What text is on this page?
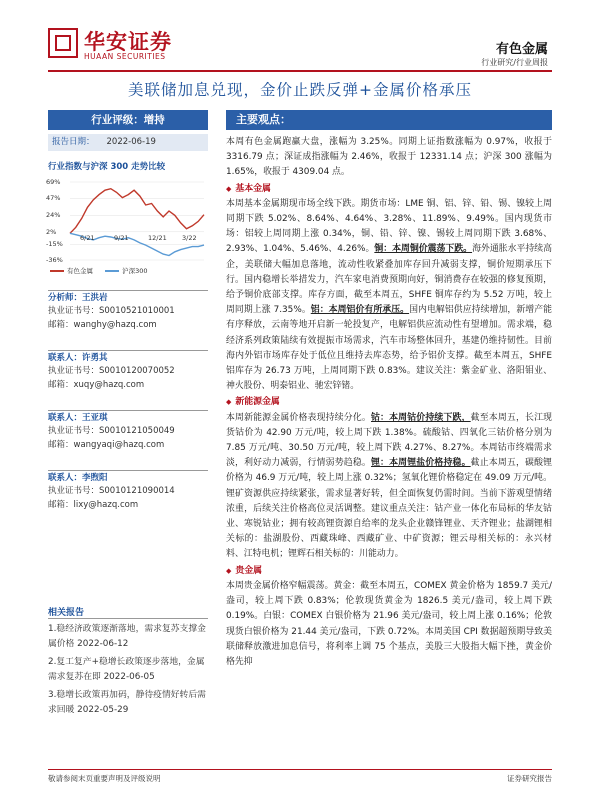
华安证券
HUAAN SECURITIES	有色金属
行业研究/行业周报
美联储加息兑现，金价止跌反弹+金属价格承压
行业评级：增持
报告日期： 2022-06-19
行业指数与沪深 300 走势比较
69%
47%
24%
2%
-15%
-36%
6/21	9/21	12/21 3/22
有色金属	沪深300
分析师：王洪岩
执业证书号：S0010521010001
邮箱：wanghy@hazq.com
联系人：许勇其
执业证书号：S0010120070052
邮箱：xuqy@hazq.com
联系人：王亚琪
执业证书号：S0010121050049
邮箱：wangyaqi@hazq.com
联系人：李煦阳
执业证书号：S0010121090014
邮箱：lixy@hazq.com
相关报告
1.稳经济政策逐渐落地，需求复苏支撑金属价格 2022-06-12
2.复工复产+稳增长政策逐步落地，金属需求复苏在即 2022-06-05
3.稳增长政策再加码，静待疫情好转后需求回暖 2022-05-29
主要观点：

本周有色金属跑赢大盘，涨幅为 3.25%。同期上证指数涨幅为 0.97%，收报于 3316.79 点；深证成指涨幅为 2.46%，收报于 12331.14 点；沪深 300 涨幅为 1.65%，收报于 4309.04 点。

◆ 基本金属

本周基本金属期现市场全线下跌。期货市场：LME 铜、铝、锌、铅、锡、镍较上周同期下跌 5.02%、8.64%、4.64%、3.28%、11.89%、9.49%。国内现货市场：铝较上周同期上涨 0.34%，铜、铅、锌、镍、锡较上周同期下跌 3.68%、2.93%、1.04%、5.46%、4.26%。铜：本周铜价震荡下跌。海外通胀水平持续高企，美联储大幅加息落地，流动性收紧叠加库存回升减弱支撑，铜价短期承压下行。国内稳增长举措发力，汽车家电消费预期向好，铜消费存在较强的修复预期，给予铜价底部支撑。库存方面，截至本周五，SHFE 铜库存约为 5.52 万吨，较上周同期上涨 7.35%。铝：本周铝价有所承压。国内电解铝供应持续增加，新增产能有序释放，云南等地开启新一轮投复产，电解铝供应流动性有望增加。需求端，稳经济系列政策陆续有效提振市场需求，汽车市场整体回升，基建仍维持韧性。目前海内外铝市场库存处于低位且维持去库态势，给予铝价支撑。截至本周五，SHFE 铝库存为 26.73 万吨，上周同期下跌 0.83%。建议关注：紫金矿业、洛阳钼业、神火股份、明泰铝业、驰宏锌锗。

◆ 新能源金属

本周新能源金属价格表现持续分化。钴：本周钴价持续下跌，截至本周五，长江现货钴价为 42.90 万元/吨，较上周下跌 1.38%。硫酸钴、四氧化三钴价格分别为 7.85 万元/吨、30.50 万元/吨，较上周下跌 4.27%、8.27%。本周钴市终端需求淡，利好动力减弱，行情弱势趋稳。锂：本周锂盐价格持稳。截止本周五，碳酸锂价格为 46.9 万元/吨，较上周上涨 0.32%；氢氧化锂价格稳定在 49.09 万元/吨。锂矿资源供应持续紧张，需求显著好转，但全面恢复仍需时间。当前下游观望情绪浓重，后续关注价格高位灵活调整。建议重点关注：钴产业一体化布局标的华友钴业、寒锐钴业；拥有较高锂资源自给率的龙头企业赣锋锂业、天齐锂业；盐湖锂相关标的：盐湖股份、西藏珠峰、西藏矿业、中矿资源；锂云母相关标的：永兴材料、江特电机；锂辉石相关标的：川能动力。

◆ 贵金属

本周贵金属价格窄幅震荡。黄金：截至本周五，COMEX 黄金价格为 1859.7 美元/盎司，较上周下跌 0.83%；伦敦现货黄金为 1826.5 美元/盎司，较上周下跌 0.19%。白银：COMEX 白银价格为 21.96 美元/盎司，较上周上涨 0.16%；伦敦现货白银价格为 21.44 美元/盎司，下跌 0.72%。本周美国 CPI 数据超预期导致美联储释放激进加息信号，将利率上调 75 个基点，美股三大股指大幅下挫，黄金价格先抑

敬请参阅末页重要声明及评级说明	证券研究报告
